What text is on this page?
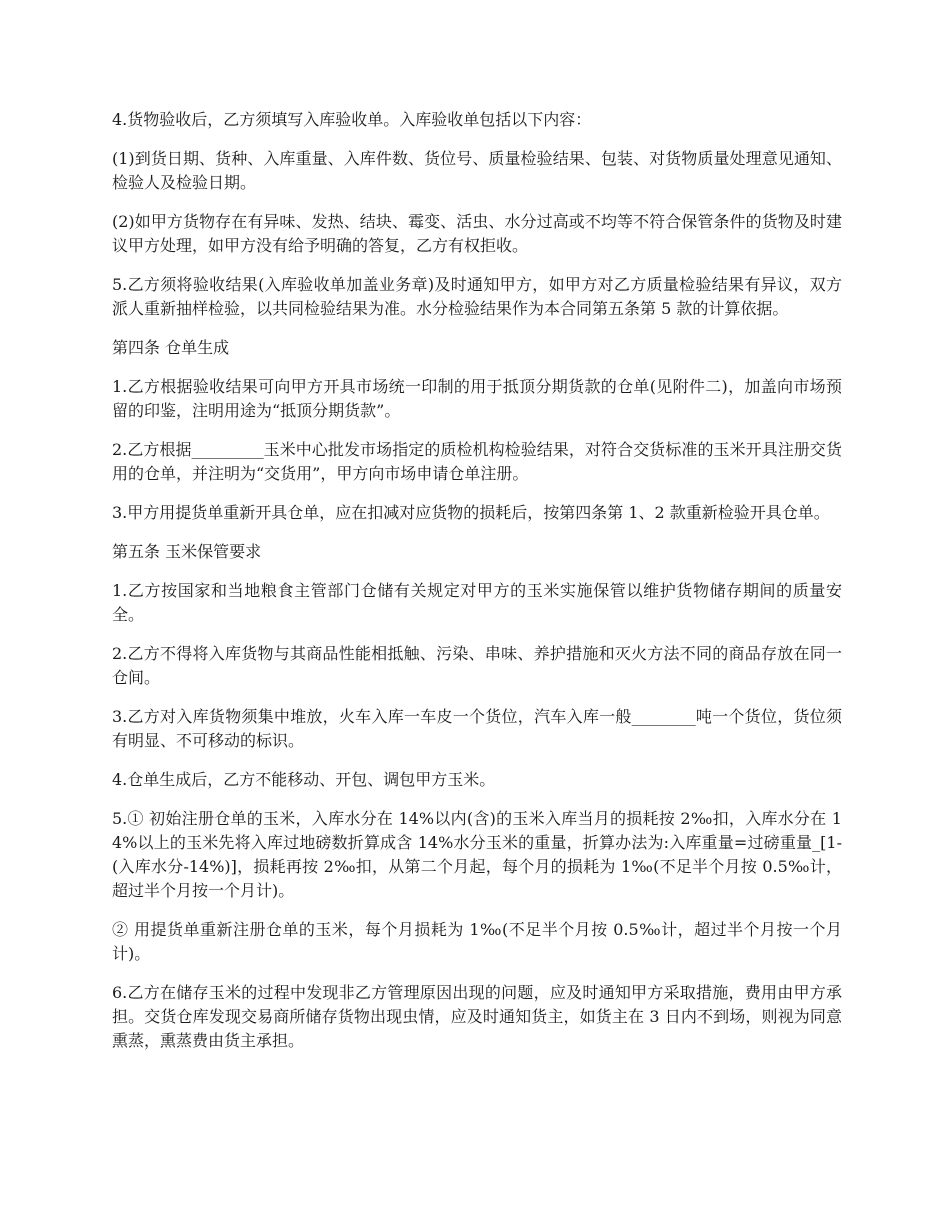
4.货物验收后，乙方须填写入库验收单。入库验收单包括以下内容：

(1)到货日期、货种、入库重量、入库件数、货位号、质量检验结果、包装、对货物质量处理意见通知、检验人及检验日期。

(2)如甲方货物存在有异味、发热、结块、霉变、活虫、水分过高或不均等不符合保管条件的货物及时建议甲方处理，如甲方没有给予明确的答复，乙方有权拒收。

5.乙方须将验收结果(入库验收单加盖业务章)及时通知甲方，如甲方对乙方质量检验结果有异议，双方派人重新抽样检验，以共同检验结果为准。水分检验结果作为本合同第五条第 5 款的计算依据。

第四条 仓单生成

1.乙方根据验收结果可向甲方开具市场统一印制的用于抵顶分期货款的仓单(见附件二)，加盖向市场预留的印鉴，注明用途为“抵顶分期货款”。

2.乙方根据_________玉米中心批发市场指定的质检机构检验结果，对符合交货标准的玉米开具注册交货用的仓单，并注明为“交货用”，甲方向市场申请仓单注册。

3.甲方用提货单重新开具仓单，应在扣减对应货物的损耗后，按第四条第 1、2 款重新检验开具仓单。

第五条 玉米保管要求

1.乙方按国家和当地粮食主管部门仓储有关规定对甲方的玉米实施保管以维护货物储存期间的质量安全。

2.乙方不得将入库货物与其商品性能相抵触、污染、串味、养护措施和灭火方法不同的商品存放在同一仓间。

3.乙方对入库货物须集中堆放，火车入库一车皮一个货位，汽车入库一般________吨一个货位，货位须有明显、不可移动的标识。

4.仓单生成后，乙方不能移动、开包、调包甲方玉米。

5.① 初始注册仓单的玉米，入库水分在 14%以内(含)的玉米入库当月的损耗按 2‰扣，入库水分在 14%以上的玉米先将入库过地磅数折算成含 14%水分玉米的重量，折算办法为:入库重量=过磅重量_[1-(入库水分-14%)]，损耗再按 2‰扣，从第二个月起，每个月的损耗为 1‰(不足半个月按 0.5‰计，超过半个月按一个月计)。

② 用提货单重新注册仓单的玉米，每个月损耗为 1‰(不足半个月按 0.5‰计，超过半个月按一个月计)。

6.乙方在储存玉米的过程中发现非乙方管理原因出现的问题，应及时通知甲方采取措施，费用由甲方承担。交货仓库发现交易商所储存货物出现虫情，应及时通知货主，如货主在 3 日内不到场，则视为同意熏蒸，熏蒸费由货主承担。
